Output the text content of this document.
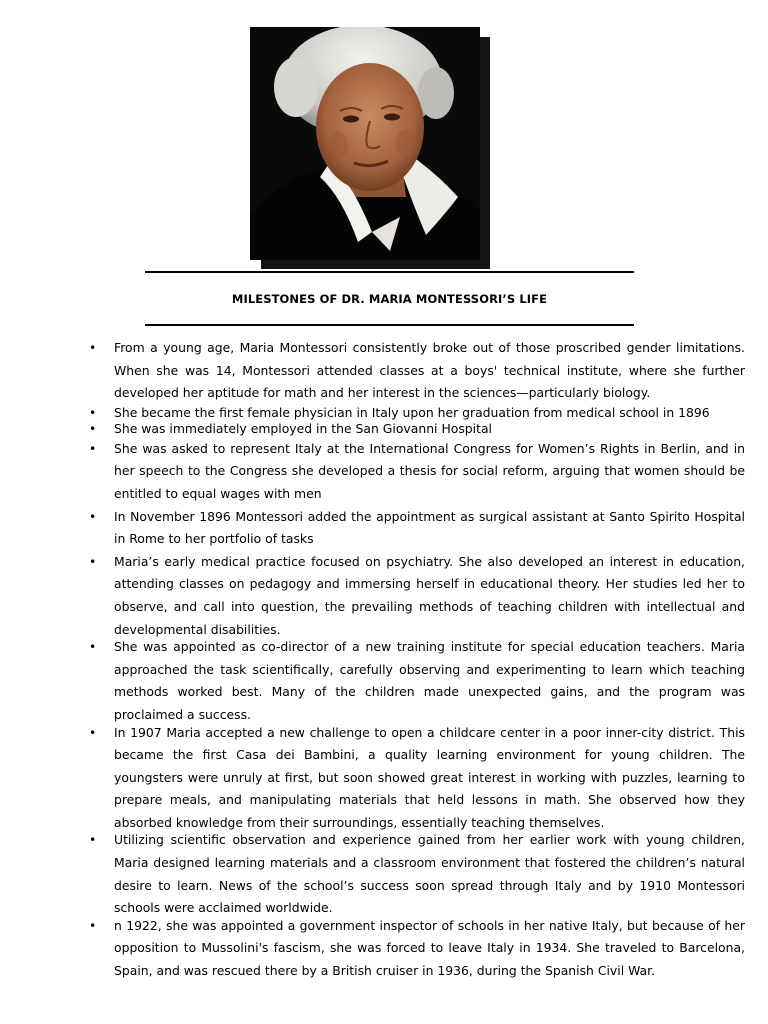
MILESTONES OF DR. MARIA MONTESSORI’S LIFE
• From a young age, Maria Montessori consistently broke out of those proscribed gender limitations. When she was 14, Montessori attended classes at a boys' technical institute, where she further developed her aptitude for math and her interest in the sciences—particularly biology.
• She became the first female physician in Italy upon her graduation from medical school in 1896
• She was immediately employed in the San Giovanni Hospital
• She was asked to represent Italy at the International Congress for Women’s Rights in Berlin, and in her speech to the Congress she developed a thesis for social reform, arguing that women should be entitled to equal wages with men
• In November 1896 Montessori added the appointment as surgical assistant at Santo Spirito Hospital in Rome to her portfolio of tasks
• Maria’s early medical practice focused on psychiatry. She also developed an interest in education, attending classes on pedagogy and immersing herself in educational theory. Her studies led her to observe, and call into question, the prevailing methods of teaching children with intellectual and developmental disabilities.
• She was appointed as co-director of a new training institute for special education teachers. Maria approached the task scientifically, carefully observing and experimenting to learn which teaching methods worked best. Many of the children made unexpected gains, and the program was proclaimed a success.
• In 1907 Maria accepted a new challenge to open a childcare center in a poor inner-city district. This became the first Casa dei Bambini, a quality learning environment for young children. The youngsters were unruly at first, but soon showed great interest in working with puzzles, learning to prepare meals, and manipulating materials that held lessons in math. She observed how they absorbed knowledge from their surroundings, essentially teaching themselves.
• Utilizing scientific observation and experience gained from her earlier work with young children, Maria designed learning materials and a classroom environment that fostered the children’s natural desire to learn. News of the school’s success soon spread through Italy and by 1910 Montessori schools were acclaimed worldwide.
• n 1922, she was appointed a government inspector of schools in her native Italy, but because of her opposition to Mussolini's fascism, she was forced to leave Italy in 1934. She traveled to Barcelona, Spain, and was rescued there by a British cruiser in 1936, during the Spanish Civil War.
